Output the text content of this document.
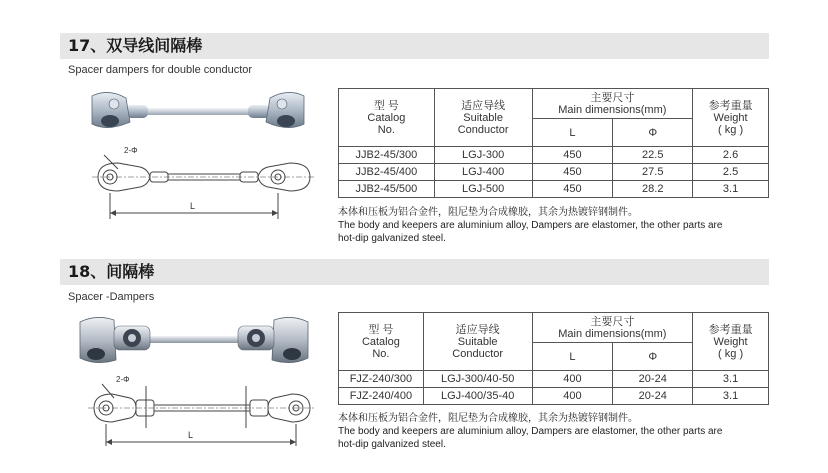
17、双导线间隔棒
Spacer dampers for double conductor
2-Φ
L
型 号
Catalog
No.	适应导线
Suitable
Conductor	主要尺寸
Main dimensions(mm)		参考重量
Weight
( kg )

		L	Φ	
JJB2-45/300	LGJ-300	450	22.5	2.6
JJB2-45/400	LGJ-400	450	27.5	2.5
JJB2-45/500	LGJ-500	450	28.2	3.1
本体和压板为铝合金件，阻尼垫为合成橡胶，其余为热镀锌钢制件。
The body and keepers are aluminium alloy, Dampers are elastomer, the other parts are
hot-dip galvanized steel.
18、间隔棒
Spacer -Dampers
2-Φ
L
型 号
Catalog
No.	适应导线
Suitable
Conductor	主要尺寸
Main dimensions(mm)		参考重量
Weight
( kg )

		L	Φ	
FJZ-240/300	LGJ-300/40-50	400	20-24	3.1
FJZ-240/400	LGJ-400/35-40	400	20-24	3.1
本体和压板为铝合金件，阻尼垫为合成橡胶，其余为热镀锌钢制件。
The body and keepers are aluminium alloy, Dampers are elastomer, the other parts are
hot-dip galvanized steel.
